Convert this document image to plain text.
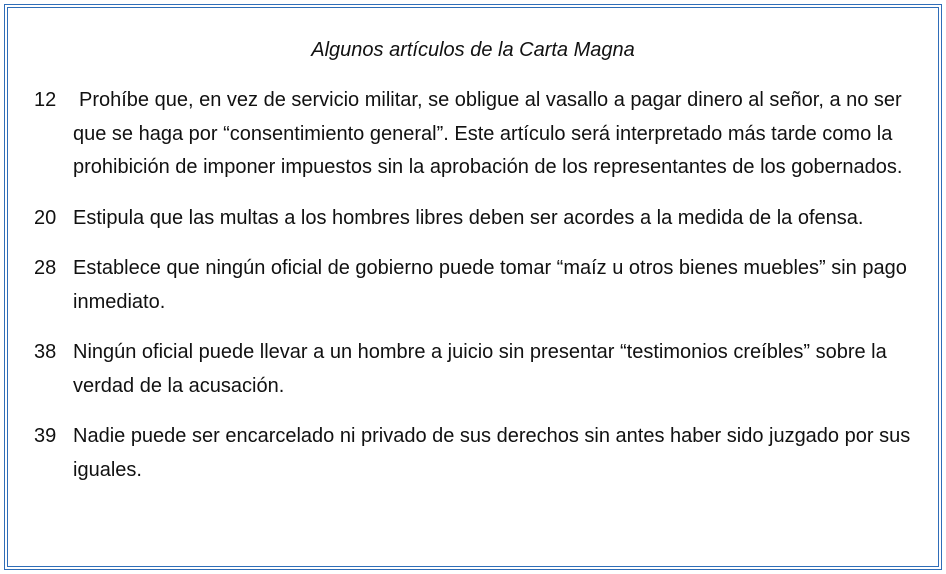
Algunos artículos de la Carta Magna
12	Prohíbe que, en vez de servicio militar, se obligue al vasallo a pagar dinero al señor, a no ser que se haga por “consentimiento general”. Este artículo será interpretado más tarde como la prohibición de imponer impuestos sin la aprobación de los representantes de los gobernados.
20 Estipula que las multas a los hombres libres deben ser acordes a la medida de la ofensa.
28 Establece que ningún oficial de gobierno puede tomar “maíz u otros bienes muebles” sin pago inmediato.
38 Ningún oficial puede llevar a un hombre a juicio sin presentar “testimonios creíbles” sobre la verdad de la acusación.
39 Nadie puede ser encarcelado ni privado de sus derechos sin antes haber sido juzgado por sus iguales.
